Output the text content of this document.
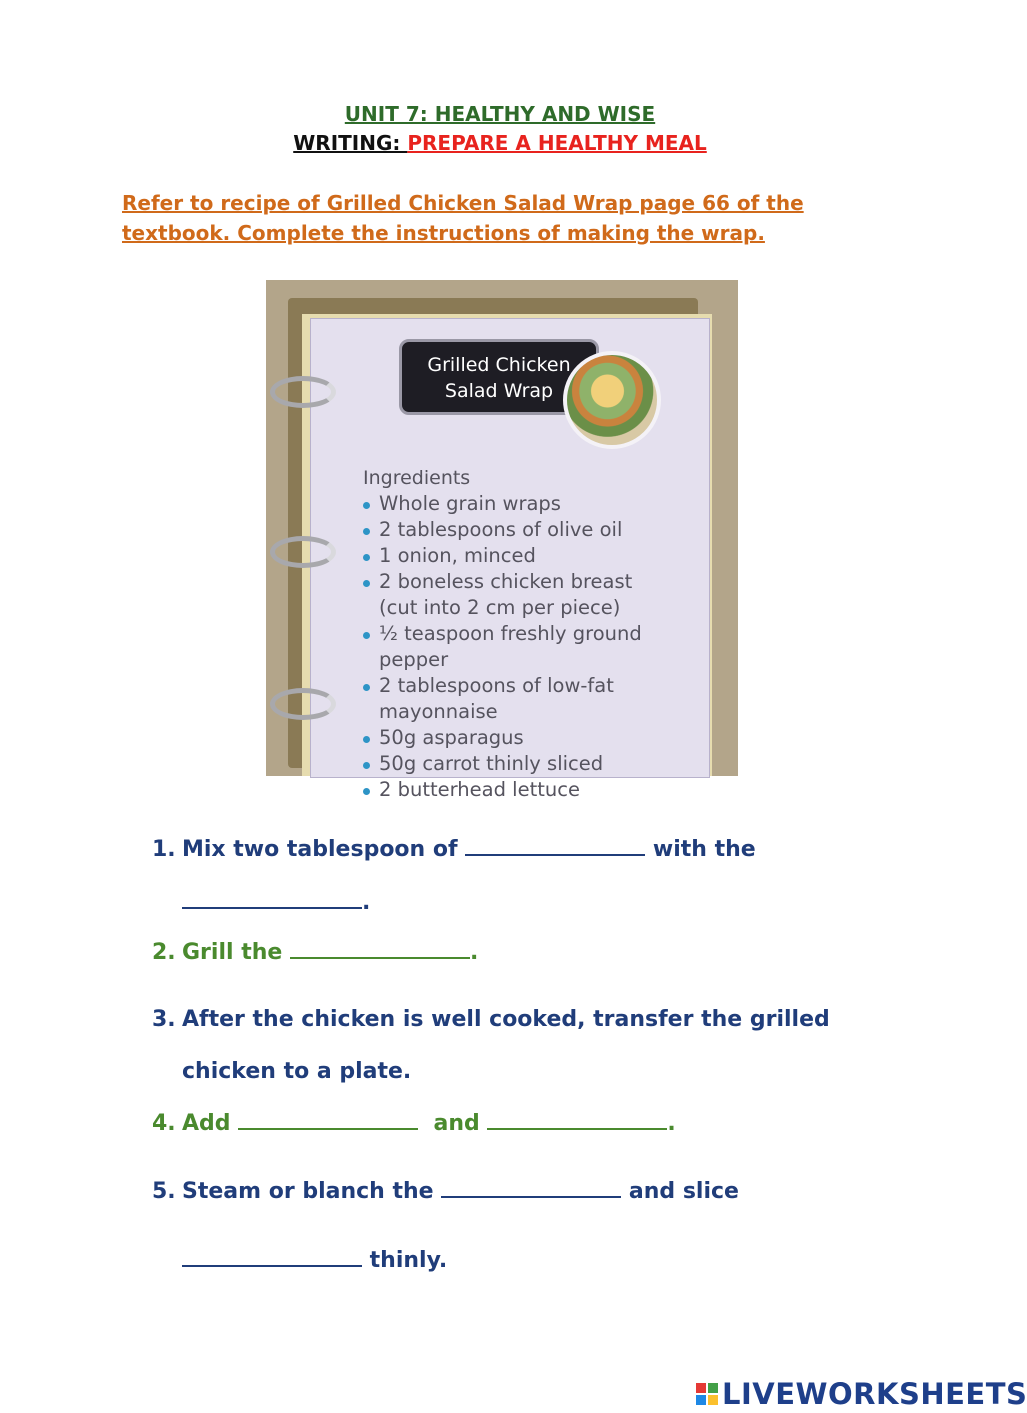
UNIT 7: HEALTHY AND WISE
WRITING: PREPARE A HEALTHY MEAL
Refer to recipe of Grilled Chicken Salad Wrap page 66 of the textbook. Complete the instructions of making the wrap.
Grilled Chicken
Salad Wrap
Ingredients
Whole grain wraps
2 tablespoons of olive oil
1 onion, minced
2 boneless chicken breast
(cut into 2 cm per piece)
½ teaspoon freshly ground
pepper
2 tablespoons of low-fat
mayonnaise
50g asparagus
50g carrot thinly sliced
2 butterhead lettuce
1. Mix two tablespoon of	with the
.
2. Grill the	.
3. After the chicken is well cooked, transfer the grilled
chicken to a plate.
4. Add	and	.
5. Steam or blanch the	and slice
thinly.
LIVEWORKSHEETS
